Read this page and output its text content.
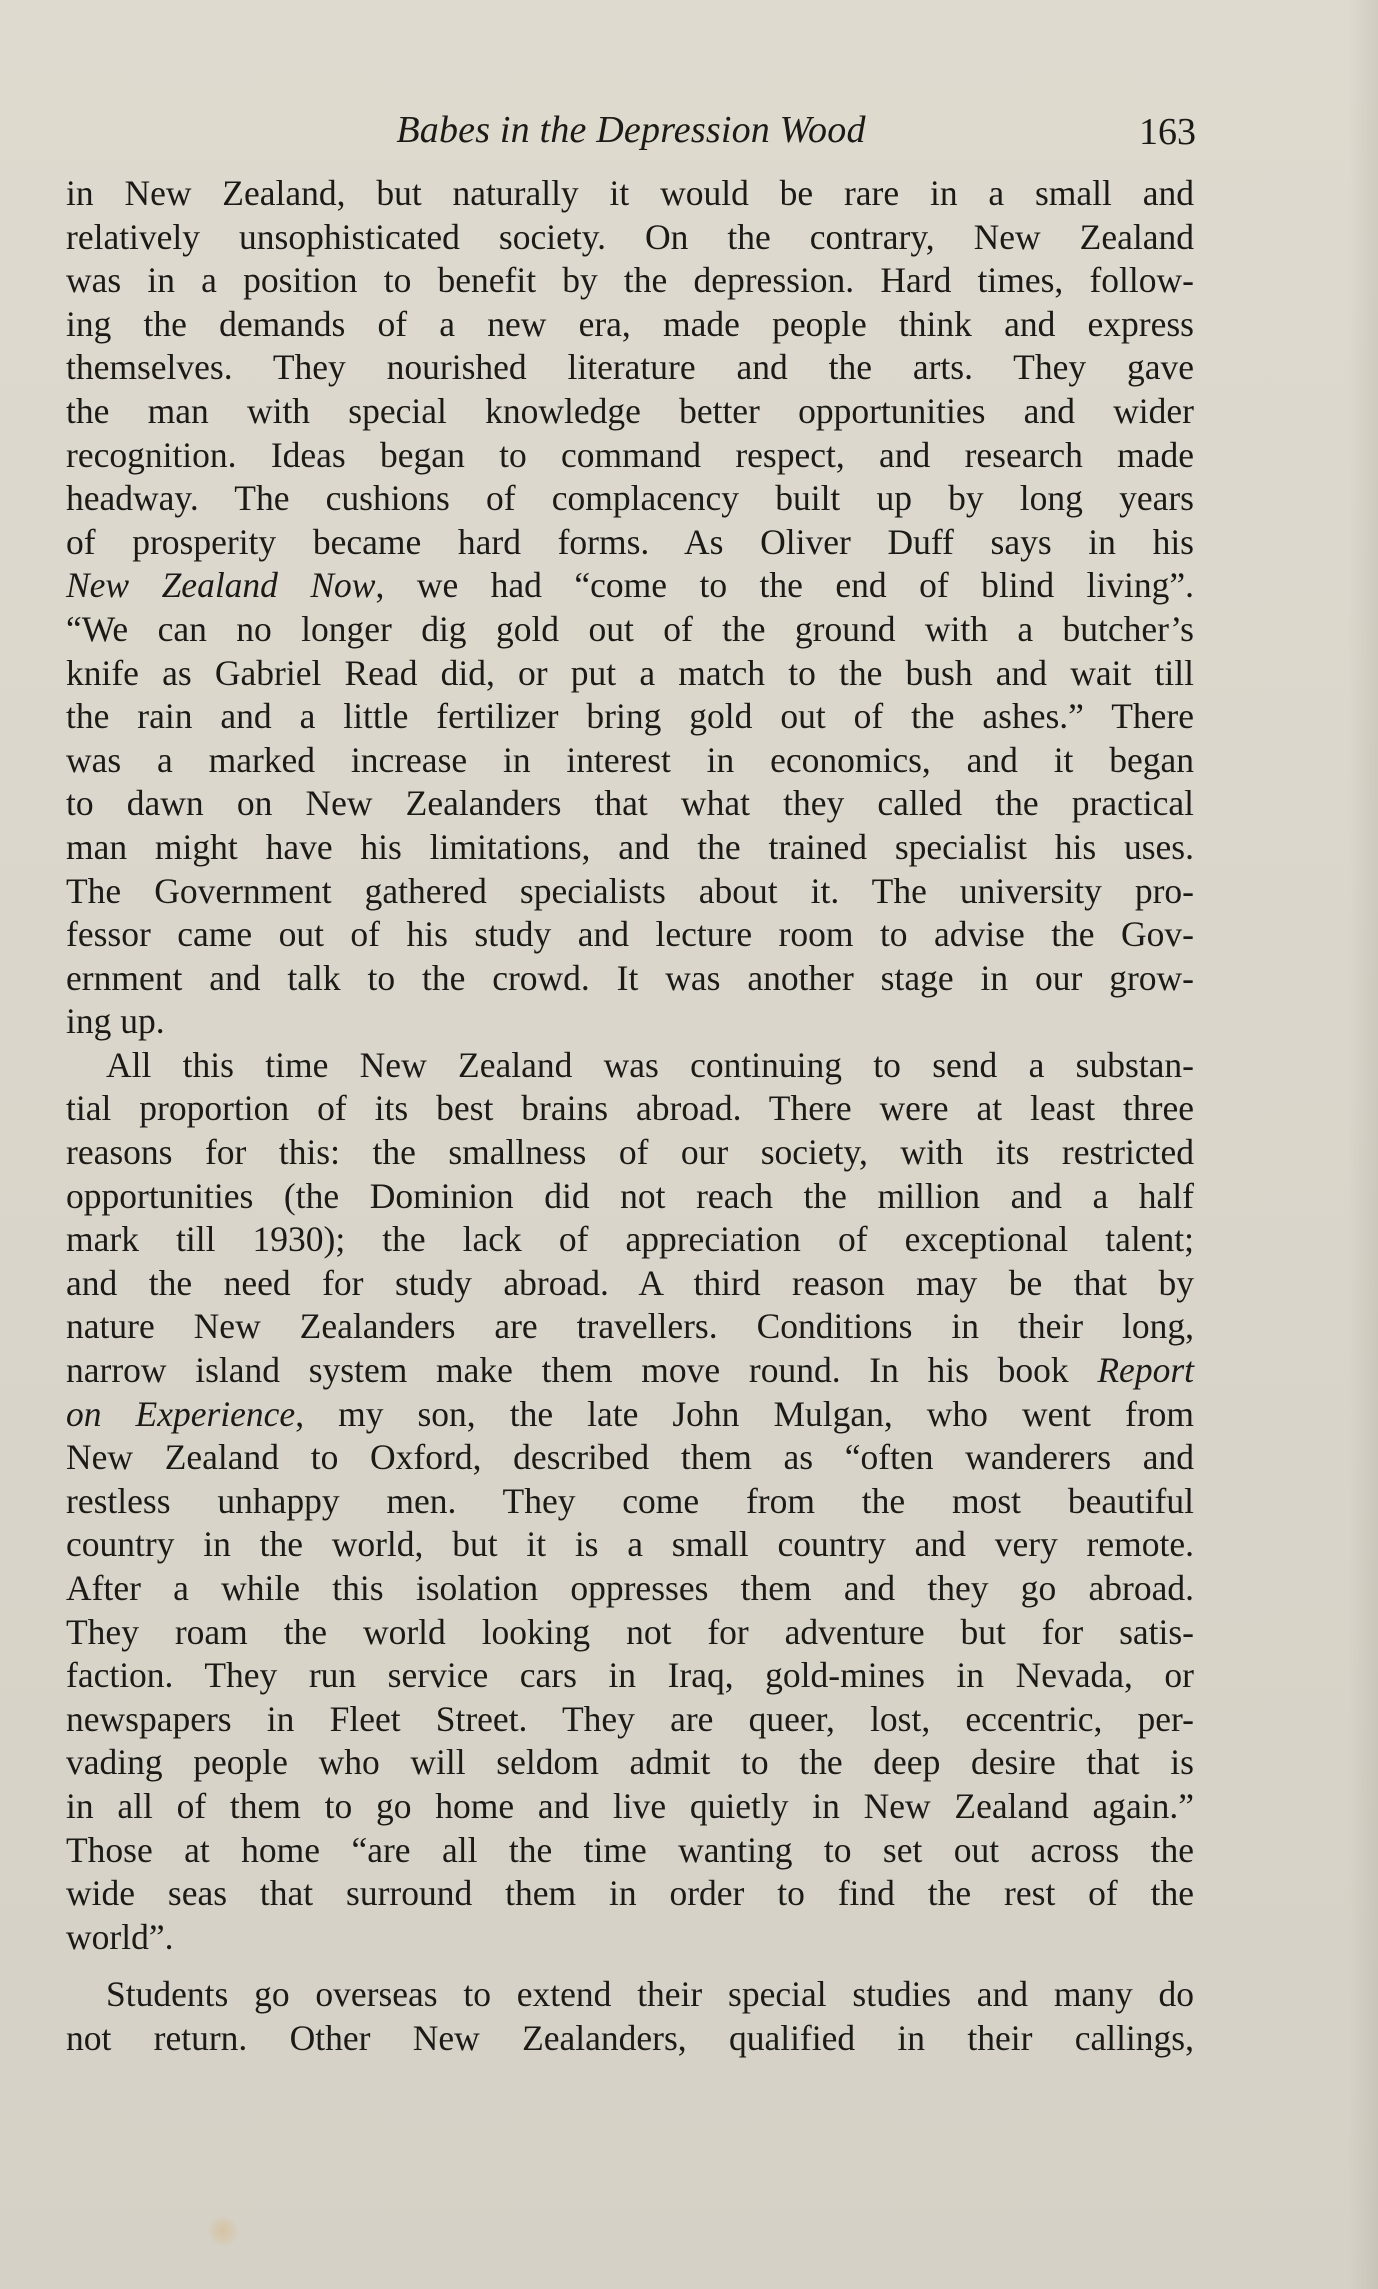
Babes in the Depression Wood	163
in New Zealand, but naturally it would be rare in a small and
relatively unsophisticated society. On the contrary, New Zealand
was in a position to benefit by the depression. Hard times, follow-
ing the demands of a new era, made people think and express
themselves. They nourished literature and the arts. They gave
the man with special knowledge better opportunities and wider
recognition. Ideas began to command respect, and research made
headway. The cushions of complacency built up by long years
of prosperity became hard forms. As Oliver Duff says in his
New Zealand Now, we had “come to the end of blind living”.
“We can no longer dig gold out of the ground with a butcher’s
knife as Gabriel Read did, or put a match to the bush and wait till
the rain and a little fertilizer bring gold out of the ashes.” There
was a marked increase in interest in economics, and it began
to dawn on New Zealanders that what they called the practical
man might have his limitations, and the trained specialist his uses.
The Government gathered specialists about it. The university pro-
fessor came out of his study and lecture room to advise the Gov-
ernment and talk to the crowd. It was another stage in our grow-
ing up.
All this time New Zealand was continuing to send a substan-
tial proportion of its best brains abroad. There were at least three
reasons for this: the smallness of our society, with its restricted
opportunities (the Dominion did not reach the million and a half
mark till 1930); the lack of appreciation of exceptional talent;
and the need for study abroad. A third reason may be that by
nature New Zealanders are travellers. Conditions in their long,
narrow island system make them move round. In his book Report
on Experience, my son, the late John Mulgan, who went from
New Zealand to Oxford, described them as “often wanderers and
restless unhappy men. They come from the most beautiful
country in the world, but it is a small country and very remote.
After a while this isolation oppresses them and they go abroad.
They roam the world looking not for adventure but for satis-
faction. They run service cars in Iraq, gold-mines in Nevada, or
newspapers in Fleet Street. They are queer, lost, eccentric, per-
vading people who will seldom admit to the deep desire that is
in all of them to go home and live quietly in New Zealand again.”
Those at home “are all the time wanting to set out across the
wide seas that surround them in order to find the rest of the
world”.
Students go overseas to extend their special studies and many do
not return. Other New Zealanders, qualified in their callings,
